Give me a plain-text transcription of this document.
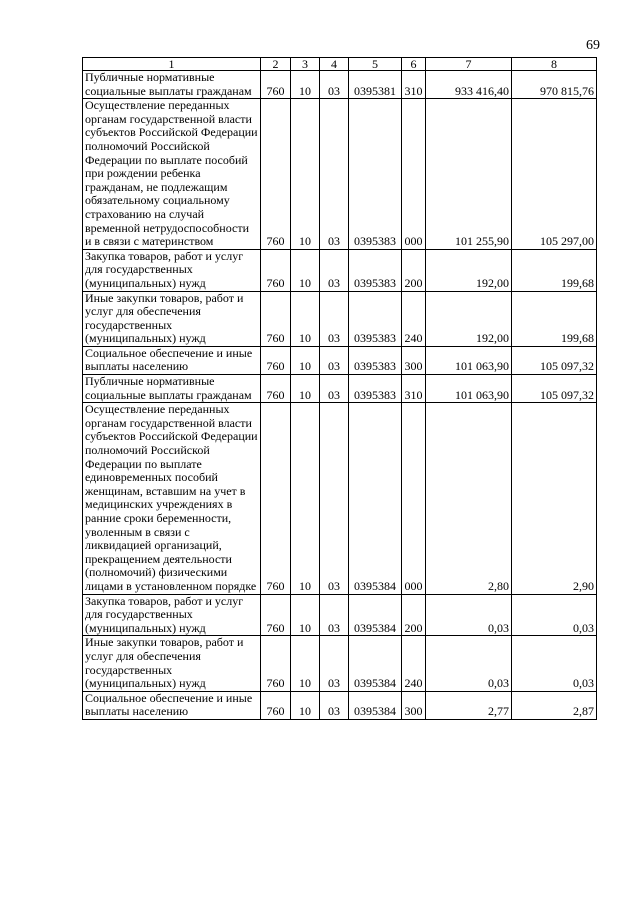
69
1	2	3	4	5	6	7	8

Публичные нормативные социальные выплаты гражданам	760	10	03	0395381	310	933 416,40	970 815,76

Осуществление переданных органам государственной власти субъектов Российской Федерации полномочий Российской Федерации по выплате пособий при рождении ребенка гражданам, не подлежащим обязательному социальному страхованию на случай временной нетрудоспособности и в связи с материнством	760	10	03	0395383	000	101 255,90	105 297,00

Закупка товаров, работ и услуг для государственных (муниципальных) нужд	760	10	03	0395383	200	192,00	199,68

Иные закупки товаров, работ и услуг для обеспечения государственных (муниципальных) нужд	760	10	03	0395383	240	192,00	199,68

Социальное обеспечение и иные выплаты населению	760	10	03	0395383	300	101 063,90	105 097,32

Публичные нормативные социальные выплаты гражданам	760	10	03	0395383	310	101 063,90	105 097,32

Осуществление переданных органам государственной власти субъектов Российской Федерации полномочий Российской Федерации по выплате единовременных пособий женщинам, вставшим на учет в медицинских учреждениях в ранние сроки беременности, уволенным в связи с ликвидацией организаций, прекращением деятельности (полномочий) физическими лицами в установленном порядке	760	10	03	0395384	000	2,80	2,90

Закупка товаров, работ и услуг для государственных (муниципальных) нужд	760	10	03	0395384	200	0,03	0,03

Иные закупки товаров, работ и услуг для обеспечения государственных (муниципальных) нужд	760	10	03	0395384	240	0,03	0,03

Социальное обеспечение и иные выплаты населению	760	10	03	0395384	300	2,77	2,87
